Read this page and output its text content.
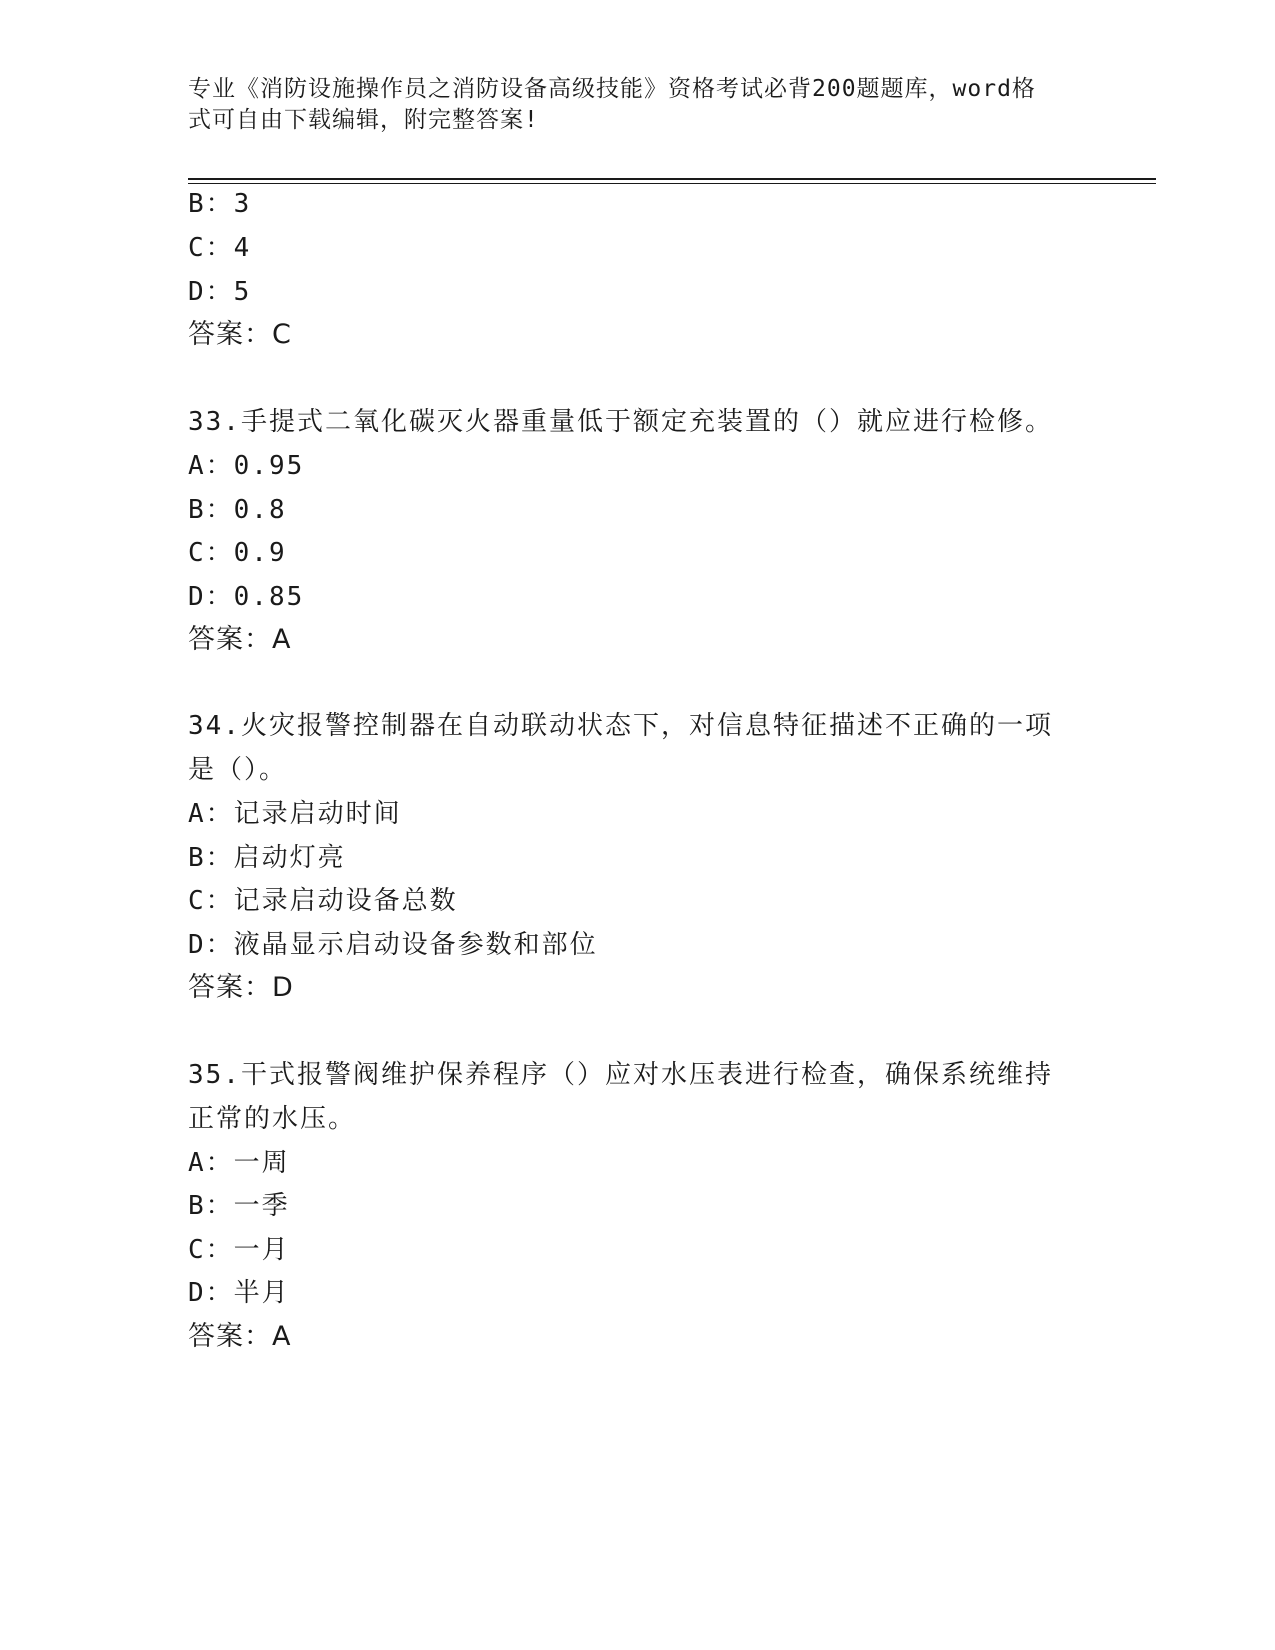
专业《消防设施操作员之消防设备高级技能》资格考试必背200题题库，word格
式可自由下载编辑，附完整答案!
B：3
C：4
D：5
答案：C
33.手提式二氧化碳灭火器重量低于额定充装置的（）就应进行检修。
A：0.95
B：0.8
C：0.9
D：0.85
答案：A
34.火灾报警控制器在自动联动状态下，对信息特征描述不正确的一项
是（）。
A：记录启动时间
B：启动灯亮
C：记录启动设备总数
D：液晶显示启动设备参数和部位
答案：D
35.干式报警阀维护保养程序（）应对水压表进行检查，确保系统维持
正常的水压。
A：一周
B：一季
C：一月
D：半月
答案：A
